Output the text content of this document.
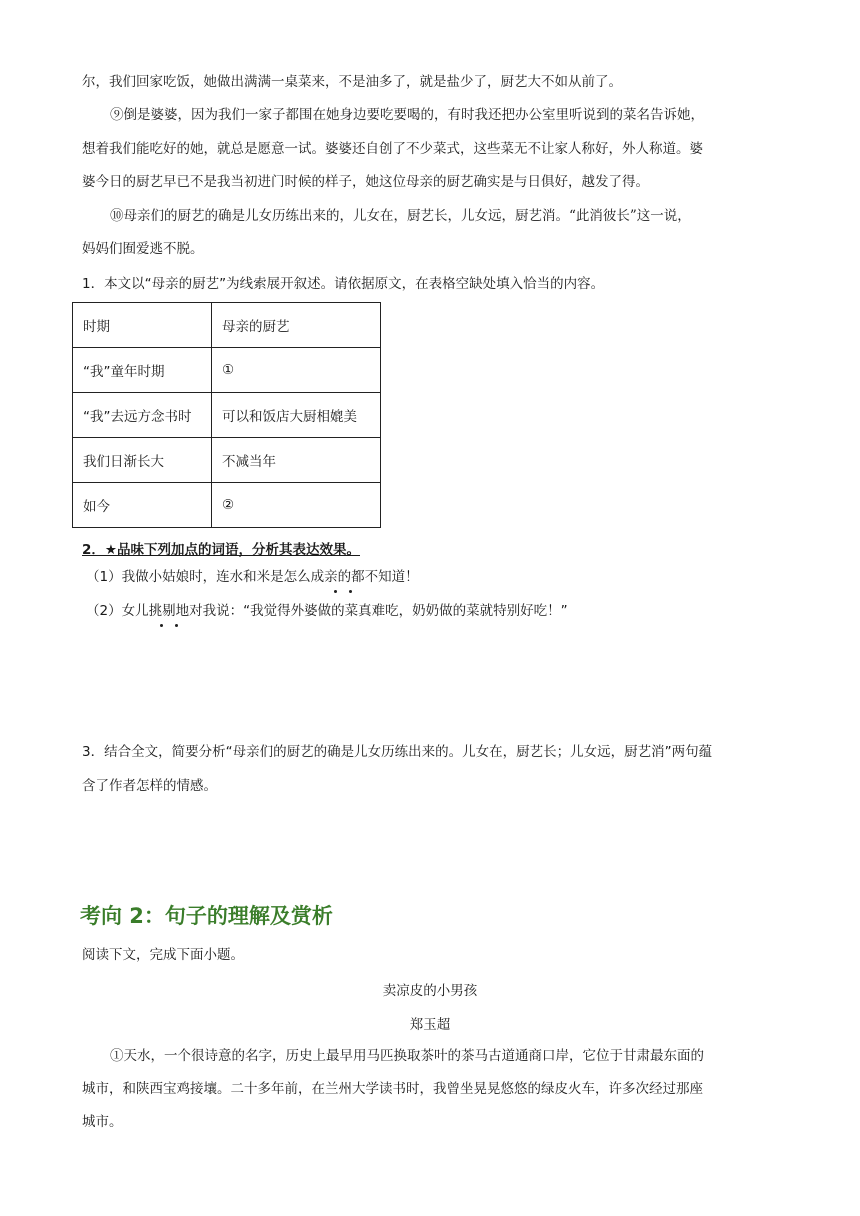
尔，我们回家吃饭，她做出满满一桌菜来，不是油多了，就是盐少了，厨艺大不如从前了。
⑨倒是婆婆，因为我们一家子都围在她身边要吃要喝的，有时我还把办公室里听说到的菜名告诉她，
想着我们能吃好的她，就总是愿意一试。婆婆还自创了不少菜式，这些菜无不让家人称好，外人称道。婆
婆今日的厨艺早已不是我当初进门时候的样子，她这位母亲的厨艺确实是与日俱好，越发了得。
⑩母亲们的厨艺的确是儿女历练出来的，儿女在，厨艺长，儿女远，厨艺消。“此消彼长”这一说，
妈妈们囿爱逃不脱。
1．本文以“母亲的厨艺”为线索展开叙述。请依据原文，在表格空缺处填入恰当的内容。
时期	母亲的厨艺
“我”童年时期	①
“我”去远方念书时	可以和饭店大厨相媲美
我们日渐长大	不减当年
如今	②
2．★品味下列加点的词语，分析其表达效果。
（1）我做小姑娘时，连水和米是怎么成亲的都不知道！
（2）女儿挑剔地对我说：“我觉得外婆做的菜真难吃，奶奶做的菜就特别好吃！”
3．结合全文，简要分析“母亲们的厨艺的确是儿女历练出来的。儿女在，厨艺长；儿女远，厨艺消”两句蕴
含了作者怎样的情感。
考向 2：句子的理解及赏析
阅读下文，完成下面小题。
卖凉皮的小男孩
郑玉超
①天水，一个很诗意的名字，历史上最早用马匹换取茶叶的茶马古道通商口岸，它位于甘肃最东面的
城市，和陕西宝鸡接壤。二十多年前，在兰州大学读书时，我曾坐晃晃悠悠的绿皮火车，许多次经过那座
城市。
